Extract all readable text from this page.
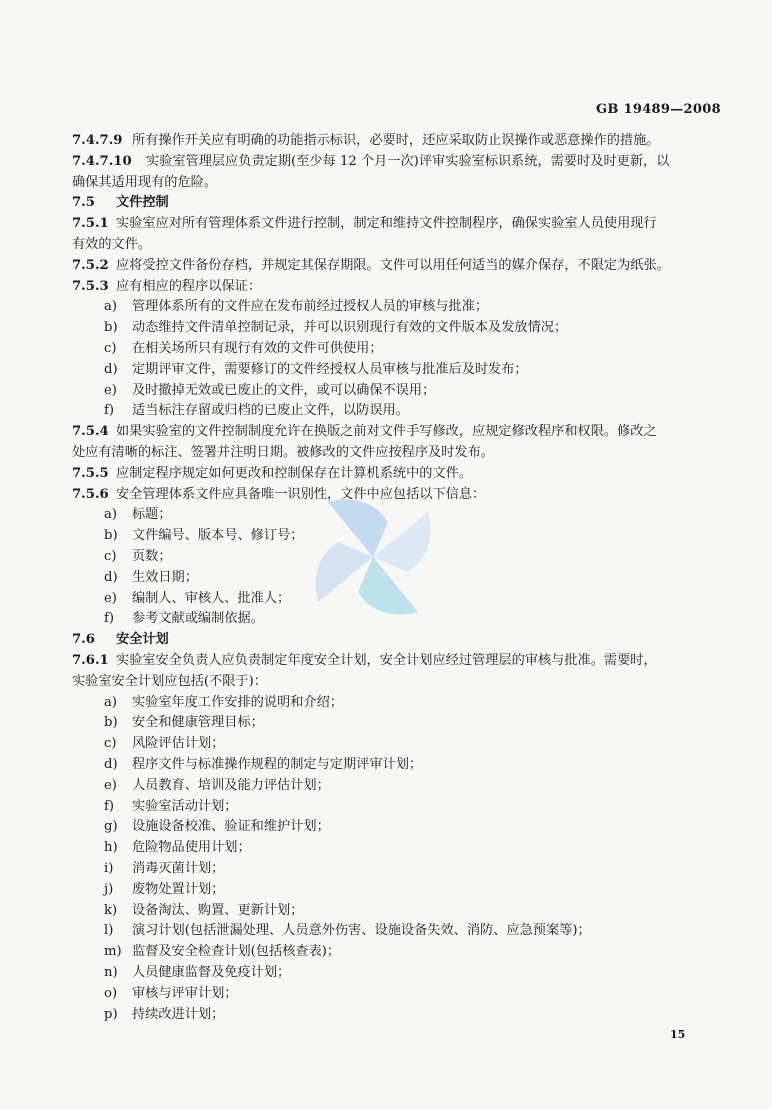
GB 19489—2008
7.4.7.9 所有操作开关应有明确的功能指示标识，必要时，还应采取防止误操作或恶意操作的措施。
7.4.7.10 实验室管理层应负责定期(至少每 12 个月一次)评审实验室标识系统，需要时及时更新，以
确保其适用现有的危险。
7.5 文件控制
7.5.1 实验室应对所有管理体系文件进行控制，制定和维持文件控制程序，确保实验室人员使用现行
有效的文件。
7.5.2 应将受控文件备份存档，并规定其保存期限。文件可以用任何适当的媒介保存，不限定为纸张。
7.5.3 应有相应的程序以保证：
a) 管理体系所有的文件应在发布前经过授权人员的审核与批准；
b) 动态维持文件清单控制记录，并可以识别现行有效的文件版本及发放情况；
c) 在相关场所只有现行有效的文件可供使用；
d) 定期评审文件，需要修订的文件经授权人员审核与批准后及时发布；
e) 及时撤掉无效或已废止的文件，或可以确保不误用；
f) 适当标注存留或归档的已废止文件，以防误用。
7.5.4 如果实验室的文件控制制度允许在换版之前对文件手写修改，应规定修改程序和权限。修改之
处应有清晰的标注、签署并注明日期。被修改的文件应按程序及时发布。
7.5.5 应制定程序规定如何更改和控制保存在计算机系统中的文件。
7.5.6 安全管理体系文件应具备唯一识别性，文件中应包括以下信息：
a) 标题；
b) 文件编号、版本号、修订号；
c) 页数；
d) 生效日期；
e) 编制人、审核人、批准人；
f) 参考文献或编制依据。
7.6 安全计划
7.6.1 实验室安全负责人应负责制定年度安全计划，安全计划应经过管理层的审核与批准。需要时，
实验室安全计划应包括(不限于)：
a) 实验室年度工作安排的说明和介绍；
b) 安全和健康管理目标；
c) 风险评估计划；
d) 程序文件与标准操作规程的制定与定期评审计划；
e) 人员教育、培训及能力评估计划；
f) 实验室活动计划；
g) 设施设备校准、验证和维护计划；
h) 危险物品使用计划；
i) 消毒灭菌计划；
j) 废物处置计划；
k) 设备淘汰、购置、更新计划；
l) 演习计划(包括泄漏处理、人员意外伤害、设施设备失效、消防、应急预案等)；
m) 监督及安全检查计划(包括核查表)；
n) 人员健康监督及免疫计划；
o) 审核与评审计划；
p) 持续改进计划；
15
